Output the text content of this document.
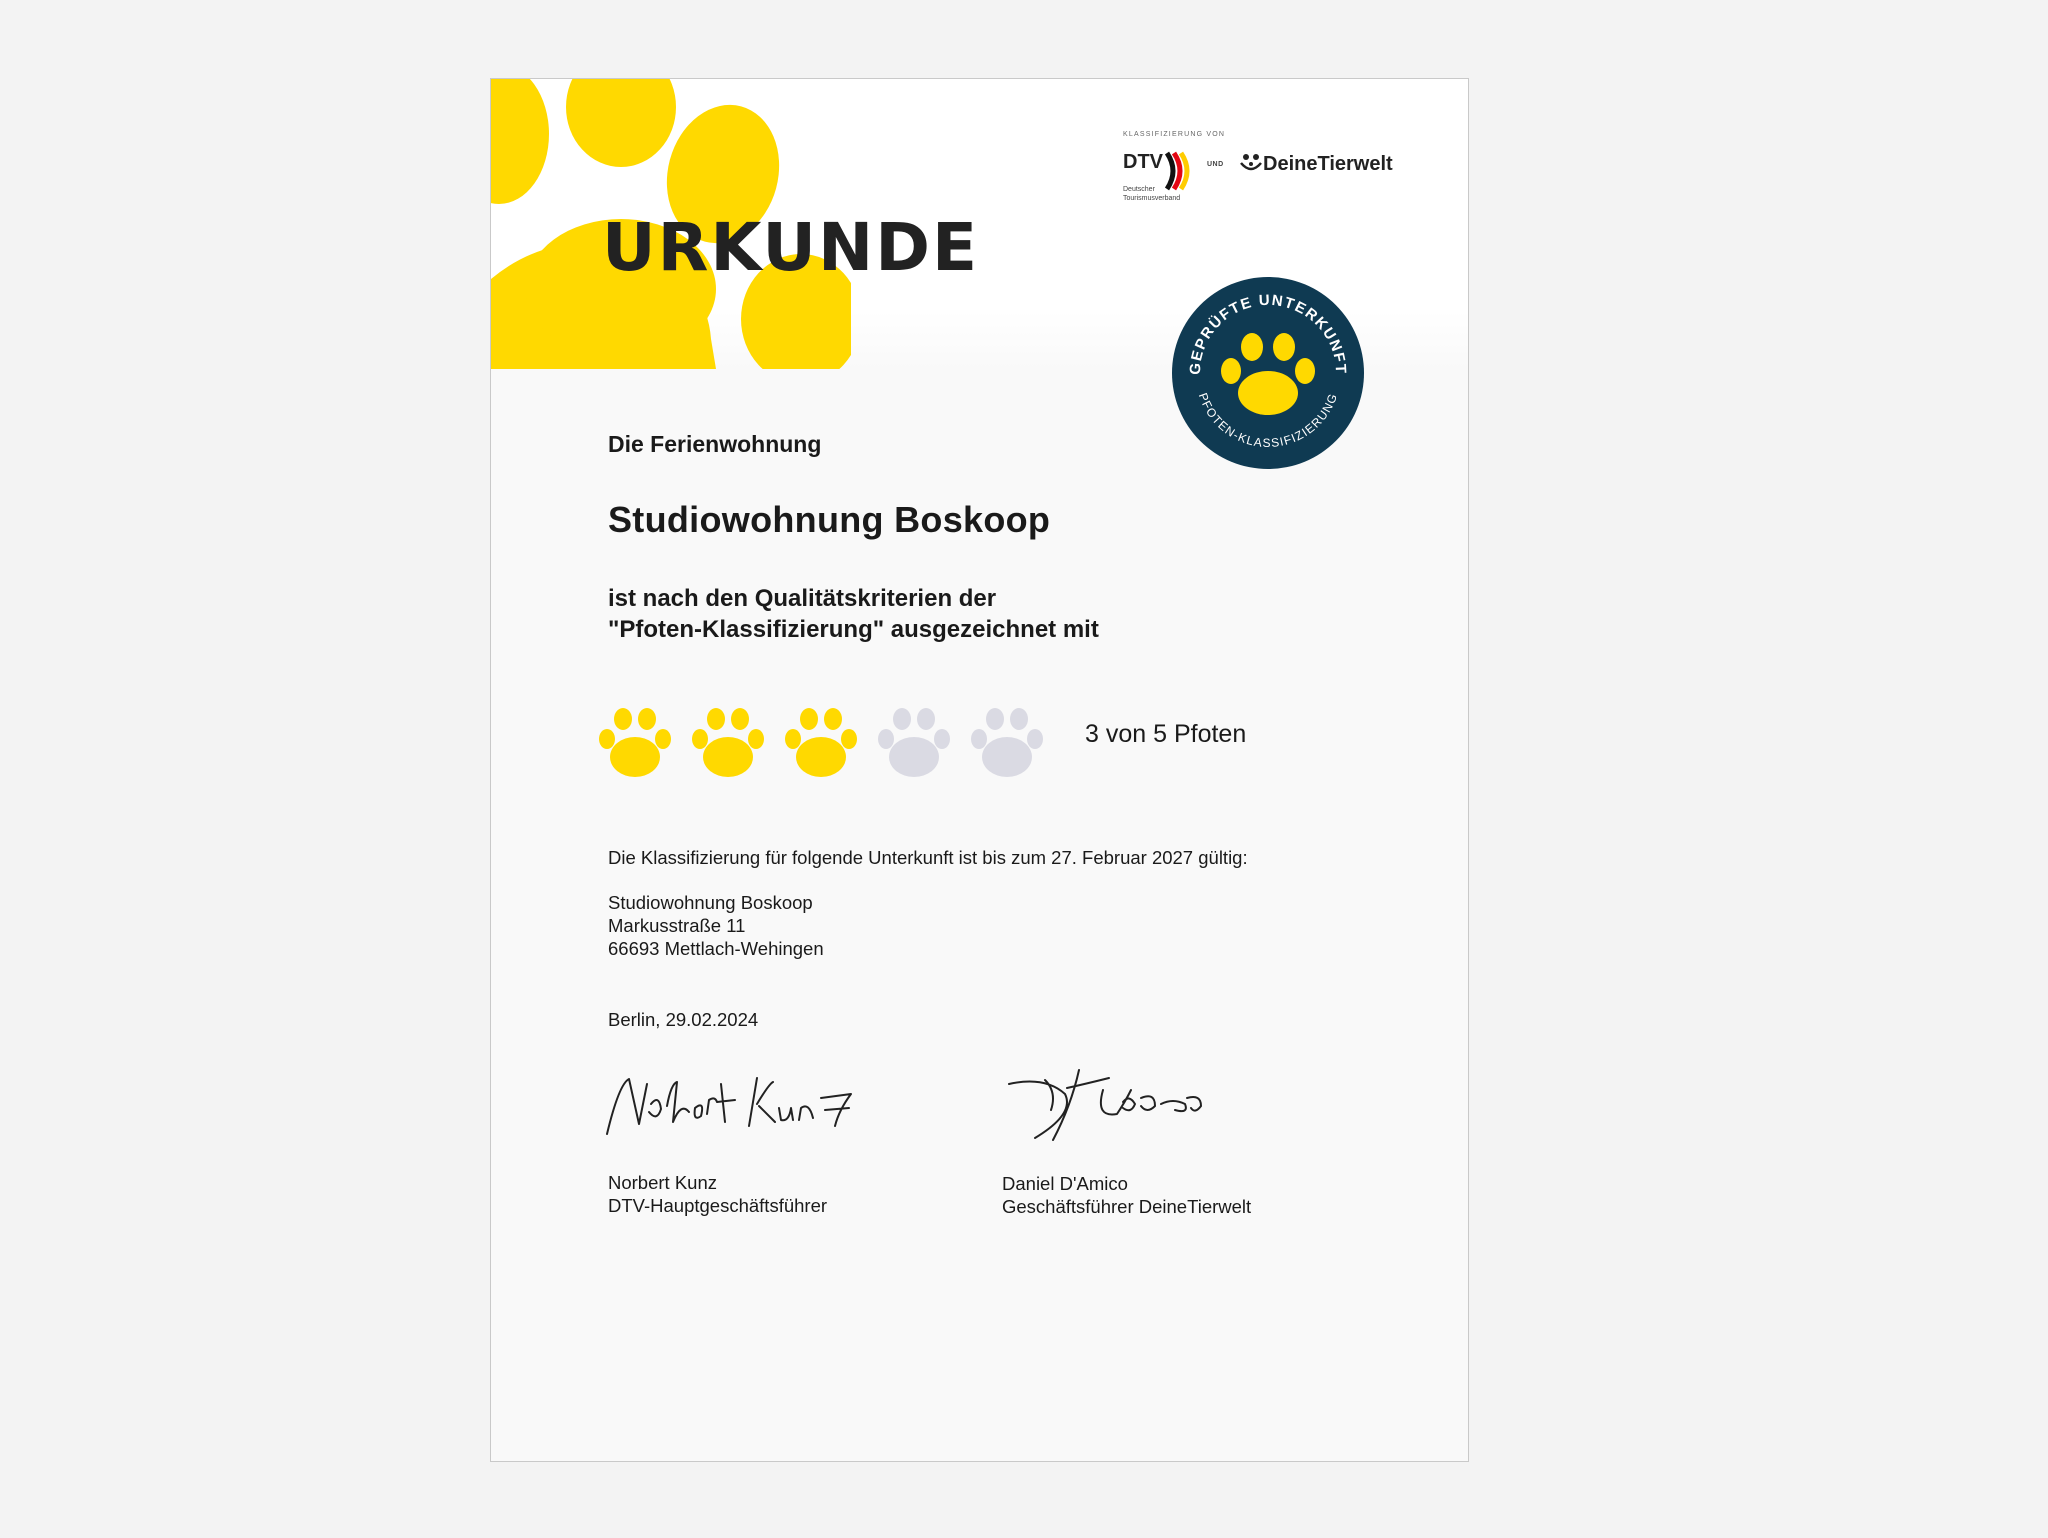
URKUNDE
KLASSIFIZIERUNG VON
DTV
Deutscher Tourismusverband
UND DeineTierwelt
GEPRÜFTE UNTERKUNFT
PFOTEN-KLASSIFIZIERUNG
Die Ferienwohnung
Studiowohnung Boskoop
ist nach den Qualitätskriterien der
"Pfoten-Klassifizierung" ausgezeichnet mit
3 von 5 Pfoten
Die Klassifizierung für folgende Unterkunft ist bis zum 27. Februar 2027 gültig:
Studiowohnung Boskoop
Markusstraße 11
66693 Mettlach-Wehingen
Berlin, 29.02.2024
D'Amico
Norbert Kunz
DTV-Hauptgeschäftsführer
Daniel D'Amico
Geschäftsführer DeineTierwelt
